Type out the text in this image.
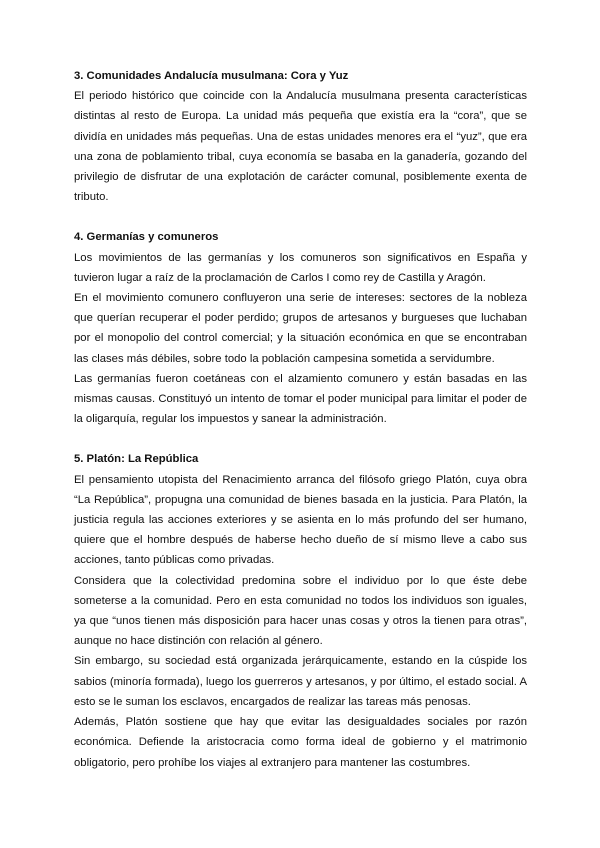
3. Comunidades Andalucía musulmana: Cora y Yuz

El periodo histórico que coincide con la Andalucía musulmana presenta características distintas al resto de Europa. La unidad más pequeña que existía era la “cora”, que se dividía en unidades más pequeñas. Una de estas unidades menores era el “yuz”, que era una zona de poblamiento tribal, cuya economía se basaba en la ganadería, gozando del privilegio de disfrutar de una explotación de carácter comunal, posiblemente exenta de tributo.

4. Germanías y comuneros

Los movimientos de las germanías y los comuneros son significativos en España y tuvieron lugar a raíz de la proclamación de Carlos I como rey de Castilla y Aragón.

En el movimiento comunero confluyeron una serie de intereses: sectores de la nobleza que querían recuperar el poder perdido; grupos de artesanos y burgueses que luchaban por el monopolio del control comercial; y la situación económica en que se encontraban las clases más débiles, sobre todo la población campesina sometida a servidumbre.

Las germanías fueron coetáneas con el alzamiento comunero y están basadas en las mismas causas. Constituyó un intento de tomar el poder municipal para limitar el poder de la oligarquía, regular los impuestos y sanear la administración.

5. Platón: La República

El pensamiento utopista del Renacimiento arranca del filósofo griego Platón, cuya obra “La República”, propugna una comunidad de bienes basada en la justicia. Para Platón, la justicia regula las acciones exteriores y se asienta en lo más profundo del ser humano, quiere que el hombre después de haberse hecho dueño de sí mismo lleve a cabo sus acciones, tanto públicas como privadas.

Considera que la colectividad predomina sobre el individuo por lo que éste debe someterse a la comunidad. Pero en esta comunidad no todos los individuos son iguales, ya que “unos tienen más disposición para hacer unas cosas y otros la tienen para otras”, aunque no hace distinción con relación al género.

Sin embargo, su sociedad está organizada jerárquicamente, estando en la cúspide los sabios (minoría formada), luego los guerreros y artesanos, y por último, el estado social. A esto se le suman los esclavos, encargados de realizar las tareas más penosas.

Además, Platón sostiene que hay que evitar las desigualdades sociales por razón económica. Defiende la aristocracia como forma ideal de gobierno y el matrimonio obligatorio, pero prohíbe los viajes al extranjero para mantener las costumbres.
